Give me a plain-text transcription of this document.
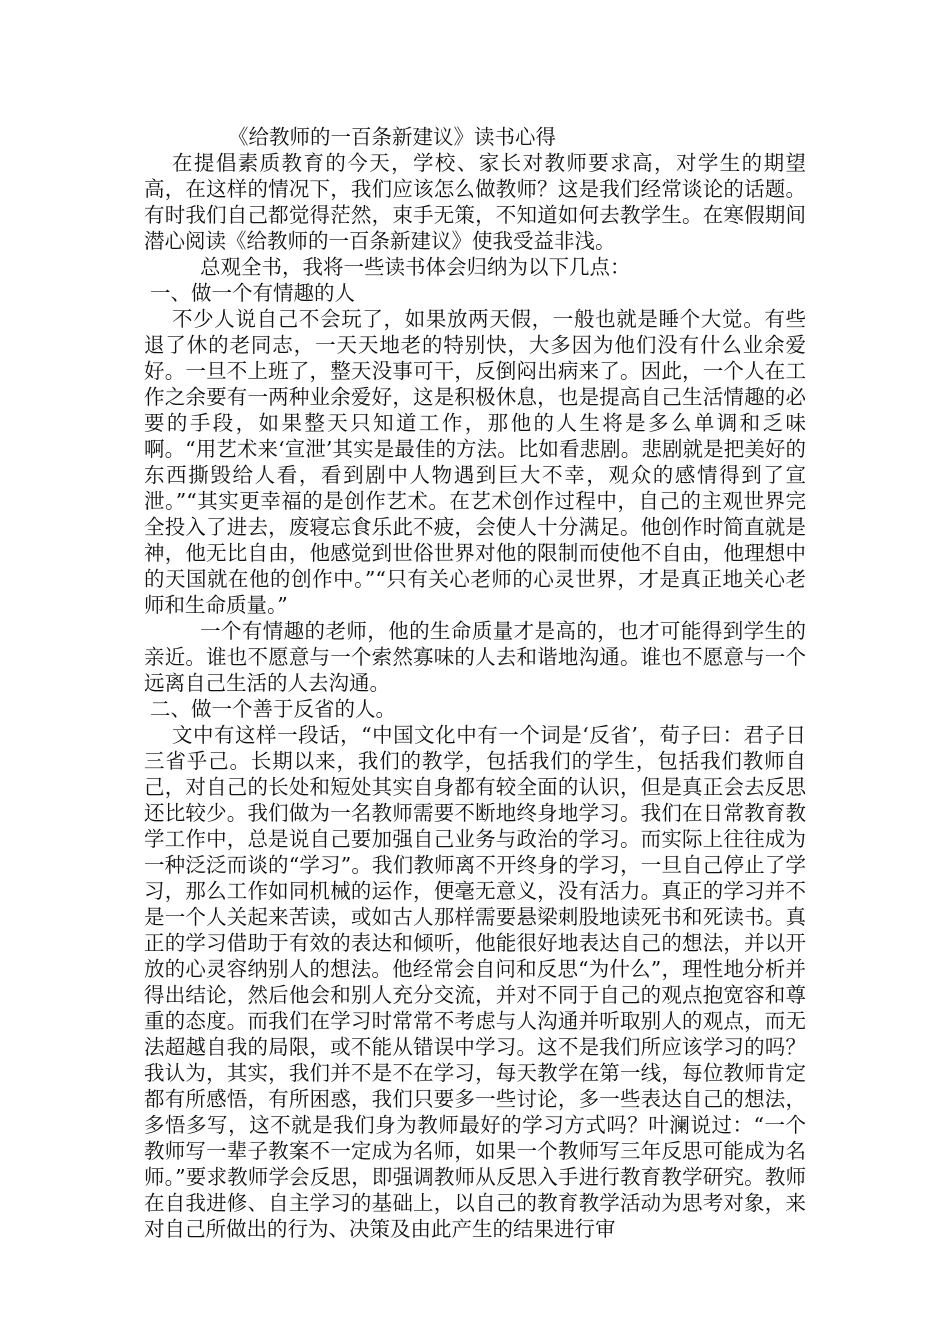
《给教师的一百条新建议》读书心得

在提倡素质教育的今天，学校、家长对教师要求高，对学生的期望高，在这样的情况下，我们应该怎么做教师？这是我们经常谈论的话题。有时我们自己都觉得茫然，束手无策，不知道如何去教学生。在寒假期间潜心阅读《给教师的一百条新建议》使我受益非浅。

总观全书，我将一些读书体会归纳为以下几点：

一、做一个有情趣的人

不少人说自己不会玩了，如果放两天假，一般也就是睡个大觉。有些退了休的老同志，一天天地老的特别快，大多因为他们没有什么业余爱好。一旦不上班了，整天没事可干，反倒闷出病来了。因此，一个人在工作之余要有一两种业余爱好，这是积极休息，也是提高自己生活情趣的必要的手段，如果整天只知道工作，那他的人生将是多么单调和乏味啊。“用艺术来‘宣泄’其实是最佳的方法。比如看悲剧。悲剧就是把美好的东西撕毁给人看，看到剧中人物遇到巨大不幸，观众的感情得到了宣泄。”“其实更幸福的是创作艺术。在艺术创作过程中，自己的主观世界完全投入了进去，废寝忘食乐此不疲，会使人十分满足。他创作时简直就是神，他无比自由，他感觉到世俗世界对他的限制而使他不自由，他理想中的天国就在他的创作中。”“只有关心老师的心灵世界，才是真正地关心老师和生命质量。”

一个有情趣的老师，他的生命质量才是高的，也才可能得到学生的亲近。谁也不愿意与一个索然寡味的人去和谐地沟通。谁也不愿意与一个远离自己生活的人去沟通。

二、做一个善于反省的人。

文中有这样一段话，“中国文化中有一个词是‘反省’，荀子曰：君子日三省乎己。长期以来，我们的教学，包括我们的学生，包括我们教师自己，对自己的长处和短处其实自身都有较全面的认识，但是真正会去反思还比较少。我们做为一名教师需要不断地终身地学习。我们在日常教育教学工作中，总是说自己要加强自己业务与政治的学习。而实际上往往成为一种泛泛而谈的“学习”。我们教师离不开终身的学习，一旦自己停止了学习，那么工作如同机械的运作，便毫无意义，没有活力。真正的学习并不是一个人关起来苦读，或如古人那样需要悬梁刺股地读死书和死读书。真正的学习借助于有效的表达和倾听，他能很好地表达自己的想法，并以开放的心灵容纳别人的想法。他经常会自问和反思“为什么”，理性地分析并得出结论，然后他会和别人充分交流，并对不同于自己的观点抱宽容和尊重的态度。而我们在学习时常常不考虑与人沟通并听取别人的观点，而无法超越自我的局限，或不能从错误中学习。这不是我们所应该学习的吗？我认为，其实，我们并不是不在学习，每天教学在第一线，每位教师肯定都有所感悟，有所困惑，我们只要多一些讨论，多一些表达自己的想法，多悟多写，这不就是我们身为教师最好的学习方式吗？叶澜说过：“一个教师写一辈子教案不一定成为名师，如果一个教师写三年反思可能成为名师。”要求教师学会反思，即强调教师从反思入手进行教育教学研究。教师在自我进修、自主学习的基础上，以自己的教育教学活动为思考对象，来对自己所做出的行为、决策及由此产生的结果进行审
